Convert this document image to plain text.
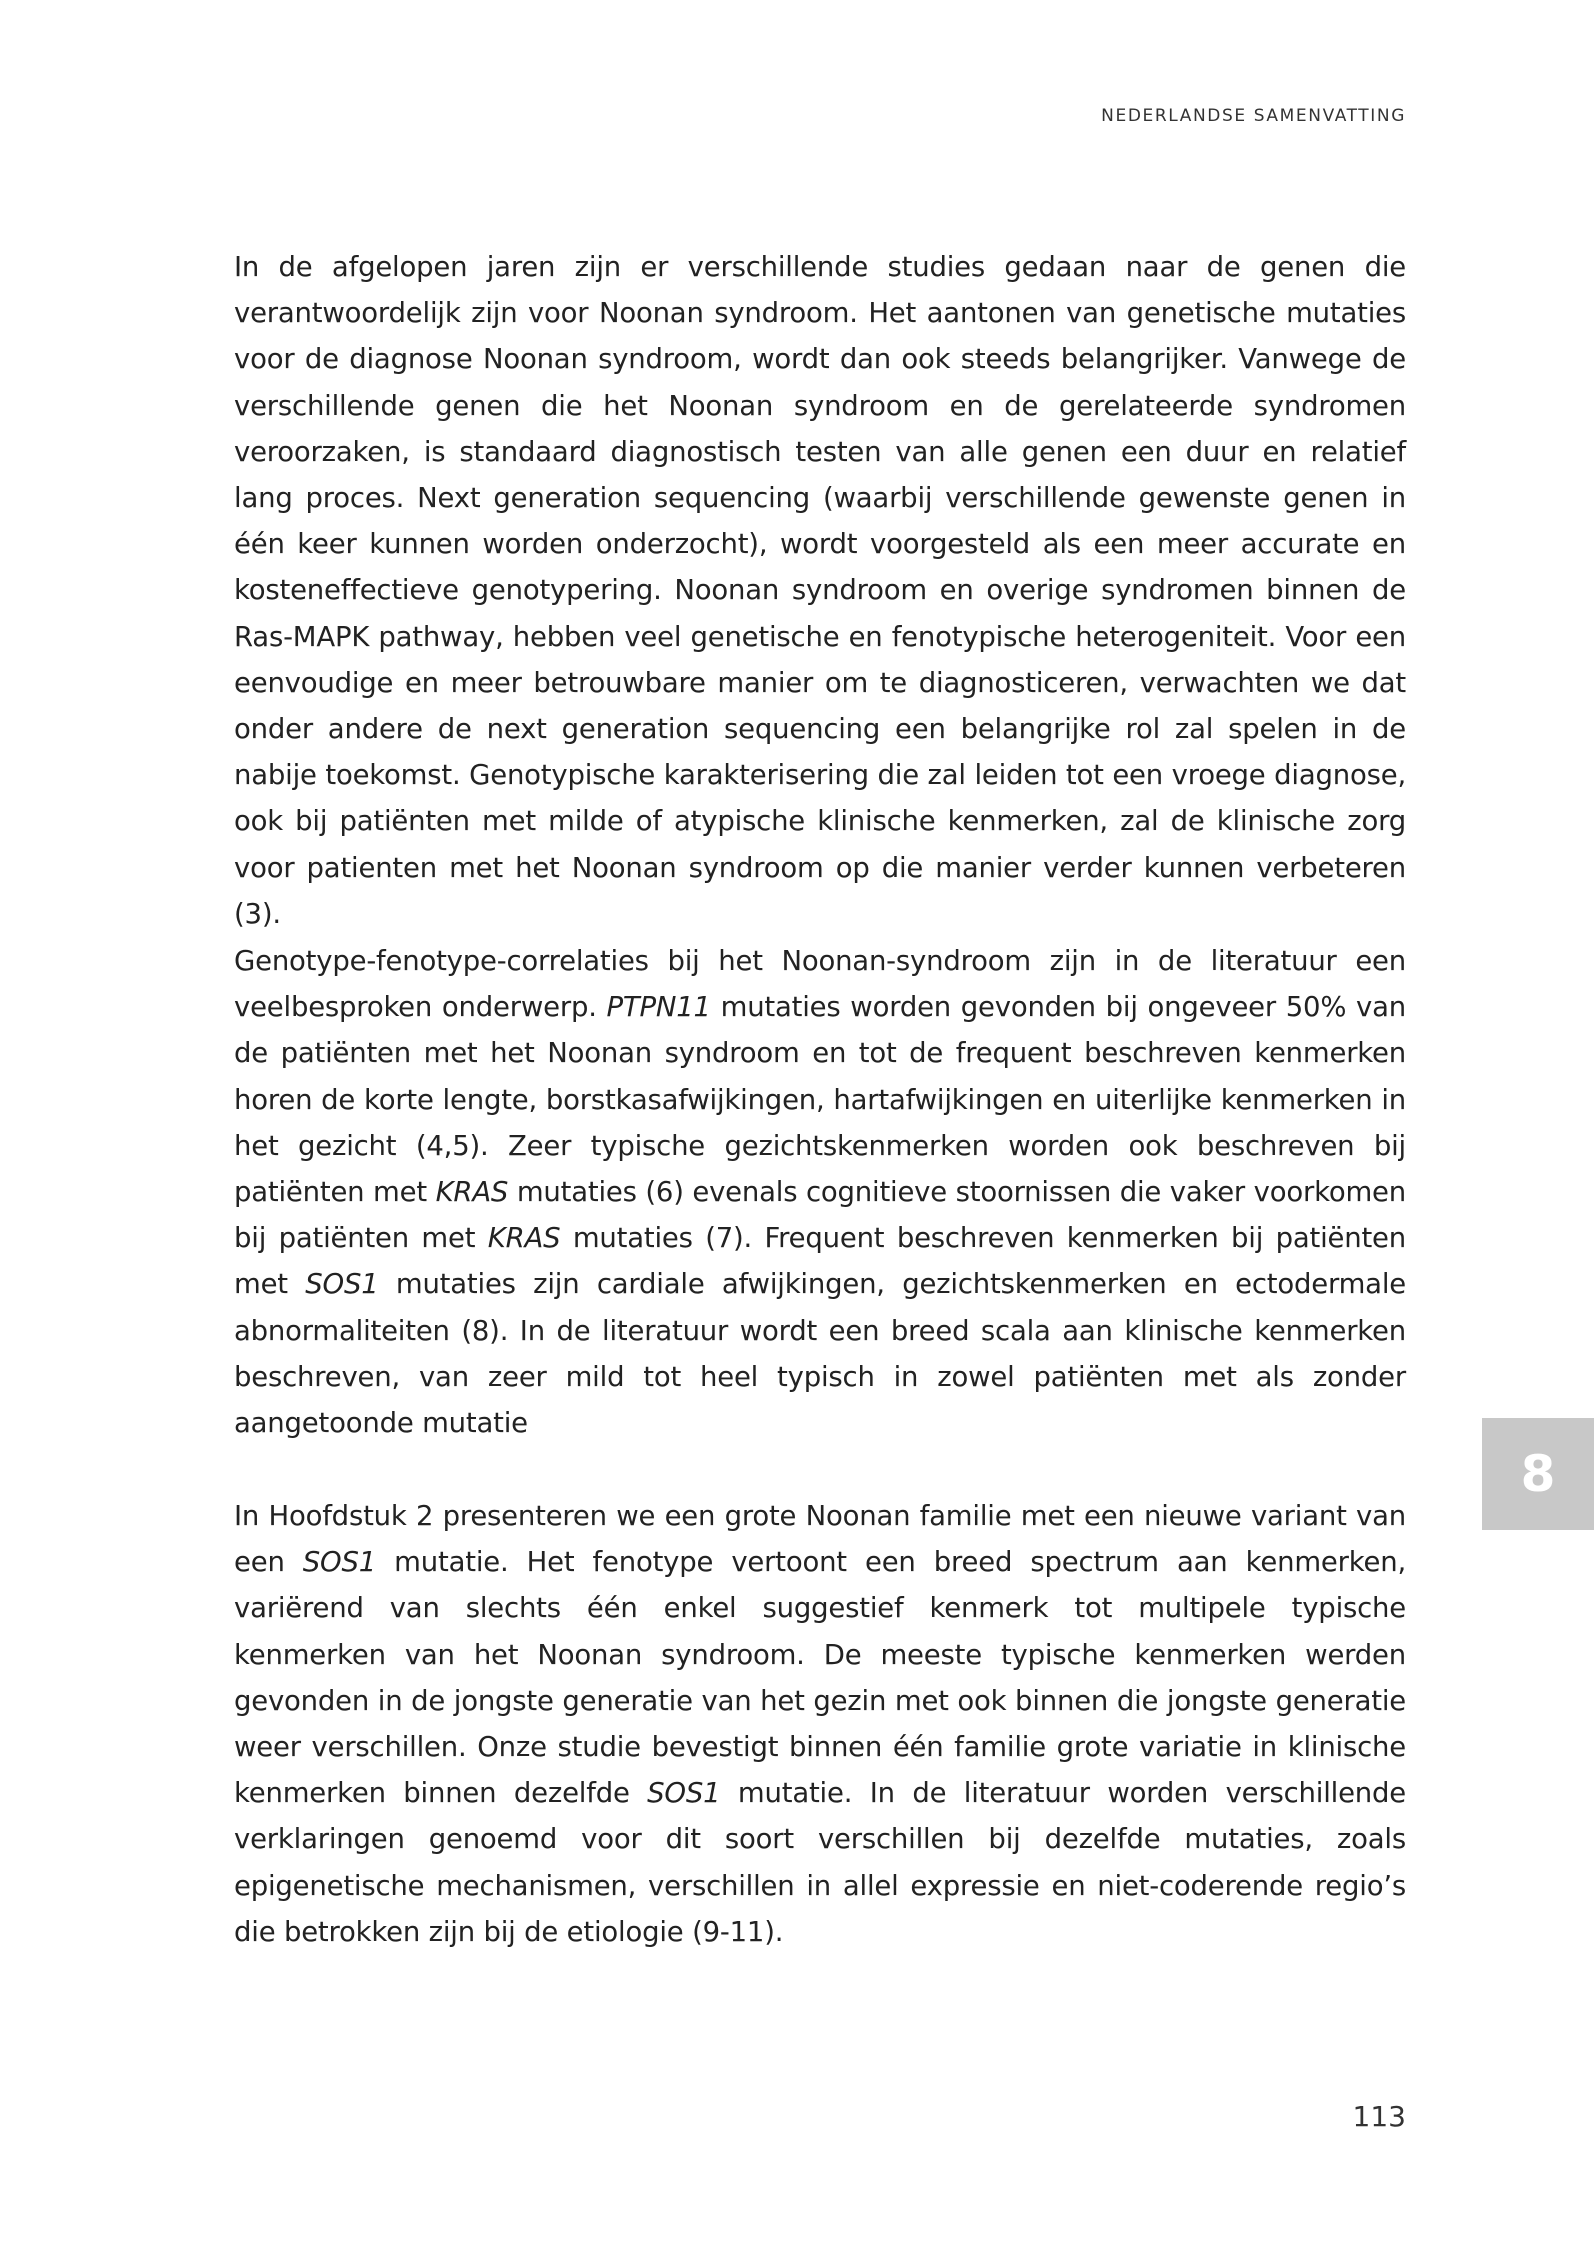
NEDERLANDSE SAMENVATTING

In de afgelopen jaren zijn er verschillende studies gedaan naar de genen die verantwoordelijk zijn voor Noonan syndroom. Het aantonen van genetische mutaties voor de diagnose Noonan syndroom, wordt dan ook steeds belangrijker. Vanwege de verschillende genen die het Noonan syndroom en de gerelateerde syndromen veroorzaken, is standaard diagnostisch testen van alle genen een duur en relatief lang proces. Next generation sequencing (waarbij verschillende gewenste genen in één keer kunnen worden onderzocht), wordt voorgesteld als een meer accurate en kosteneffectieve genotypering. Noonan syndroom en overige syndromen binnen de Ras-MAPK pathway, hebben veel genetische en fenotypische heterogeniteit. Voor een eenvoudige en meer betrouwbare manier om te diagnosticeren, verwachten we dat onder andere de next generation sequencing een belangrijke rol zal spelen in de nabije toekomst. Genotypische karakterisering die zal leiden tot een vroege diagnose, ook bij patiënten met milde of atypische klinische kenmerken, zal de klinische zorg voor patienten met het Noonan syndroom op die manier verder kunnen verbeteren (3).

Genotype-fenotype-correlaties bij het Noonan-syndroom zijn in de literatuur een veelbesproken onderwerp. PTPN11 mutaties worden gevonden bij ongeveer 50% van de patiënten met het Noonan syndroom en tot de frequent beschreven kenmerken horen de korte lengte, borstkasafwijkingen, hartafwijkingen en uiterlijke kenmerken in het gezicht (4,5). Zeer typische gezichtskenmerken worden ook beschreven bij patiënten met KRAS mutaties (6) evenals cognitieve stoornissen die vaker voorkomen bij patiënten met KRAS mutaties (7). Frequent beschreven kenmerken bij patiënten met SOS1 mutaties zijn cardiale afwijkingen, gezichtskenmerken en ectodermale abnormaliteiten (8). In de literatuur wordt een breed scala aan klinische kenmerken beschreven, van zeer mild tot heel typisch in zowel patiënten met als zonder aangetoonde mutatie

In Hoofdstuk 2 presenteren we een grote Noonan familie met een nieuwe variant van een SOS1 mutatie. Het fenotype vertoont een breed spectrum aan kenmerken, variërend van slechts één enkel suggestief kenmerk tot multipele typische kenmerken van het Noonan syndroom. De meeste typische kenmerken werden gevonden in de jongste generatie van het gezin met ook binnen die jongste generatie weer verschillen. Onze studie bevestigt binnen één familie grote variatie in klinische kenmerken binnen dezelfde SOS1 mutatie. In de literatuur worden verschillende verklaringen genoemd voor dit soort verschillen bij dezelfde mutaties, zoals epigenetische mechanismen, verschillen in allel expressie en niet-coderende regio’s die betrokken zijn bij de etiologie (9-11).

8
113
